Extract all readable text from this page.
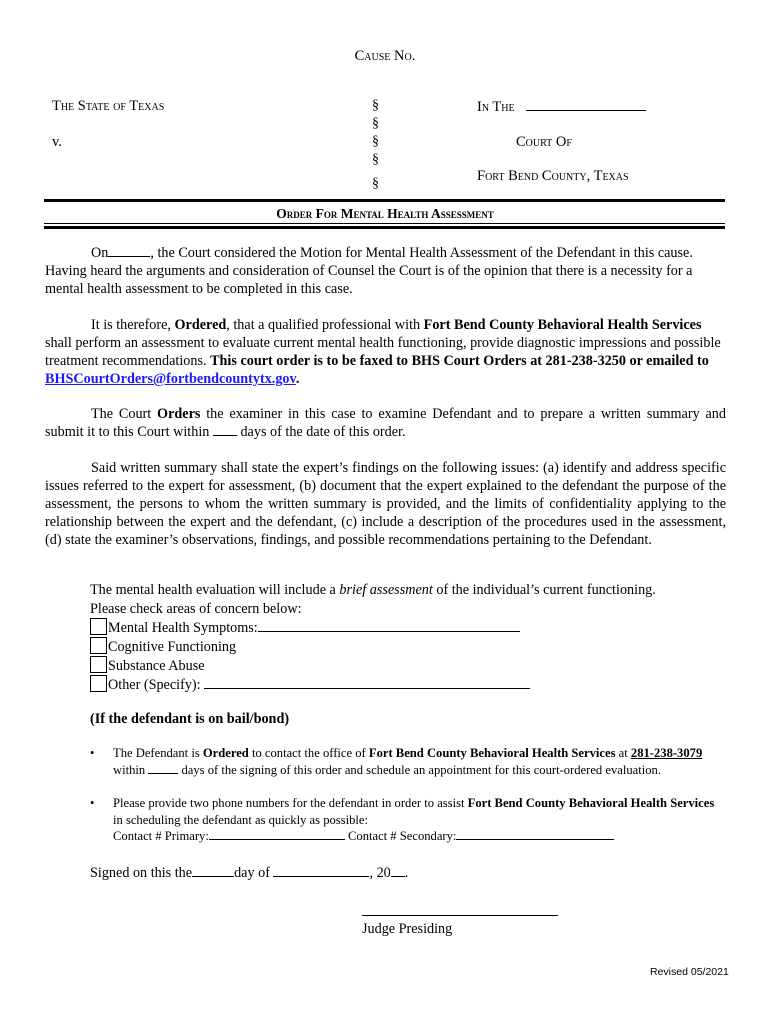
Cause No.
The State of Texas
v.
§
§
§
§
§
In The
Court Of
Fort Bend County, Texas
Order For Mental Health Assessment
On	, the Court considered the Motion for Mental Health Assessment of the Defendant in this cause. Having heard the arguments and consideration of Counsel the Court is of the opinion that there is a necessity for a mental health assessment to be completed in this case.
It is therefore, Ordered, that a qualified professional with Fort Bend County Behavioral Health Services shall perform an assessment to evaluate current mental health functioning, provide diagnostic impressions and possible treatment recommendations. This court order is to be faxed to BHS Court Orders at 281-238-3250 or emailed to BHSCourtOrders@fortbendcountytx.gov.
The Court Orders the examiner in this case to examine Defendant and to prepare a written summary and submit it to this Court within  days of the date of this order.
Said written summary shall state the expert’s findings on the following issues: (a) identify and address specific issues referred to the expert for assessment, (b) document that the expert explained to the defendant the purpose of the assessment, the persons to whom the written summary is provided, and the limits of confidentiality applying to the relationship between the expert and the defendant, (c) include a description of the procedures used in the assessment, (d) state the examiner’s observations, findings, and possible recommendations pertaining to the Defendant.
The mental health evaluation will include a brief assessment of the individual’s current functioning.
Please check areas of concern below:
Mental Health Symptoms:
Cognitive Functioning
Substance Abuse
Other (Specify):
(If the defendant is on bail/bond)
• The Defendant is Ordered to contact the office of Fort Bend County Behavioral Health Services at 281-238-3079 within  days of the signing of this order and schedule an appointment for this court-ordered evaluation.
• Please provide two phone numbers for the defendant in order to assist Fort Bend County Behavioral Health Services in scheduling the defendant as quickly as possible:
Contact # Primary:	Contact # Secondary:
Signed on this the	day of	, 20 .
Judge Presiding
Revised 05/2021
